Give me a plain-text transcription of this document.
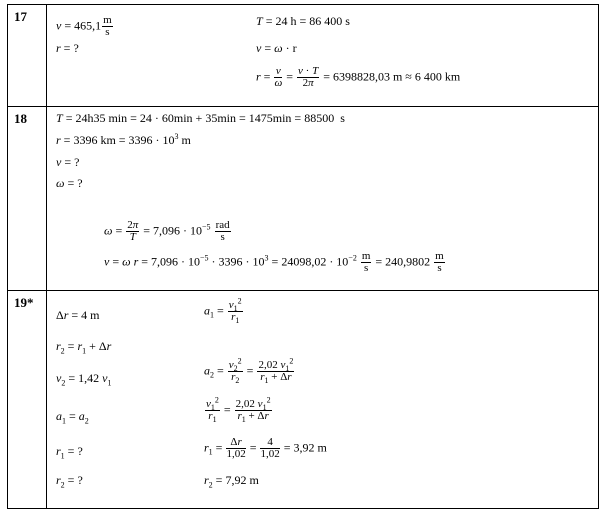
17
18
19*
$v = 465,1 \frac{m}{s}$
r = ?
T = 24 h = 86 400 s
v = ω · r
$r = \frac{v}{\omega} = \frac{v \cdot T}{2\pi} = 6398828,03$ m ≈ 6 400 km
T = 24h35 min = 24 · 60min + 35min = 1475min = 88500  s
r = 3396 km = $3396 \cdot 10^3$ m
v = ?
ω = ?
$\omega = \frac{2\pi}{T} = 7,096 \cdot 10^{-5} \frac{\text{rad}}{s}$
v = ω $r = 7,096 \cdot 10^{-5} \cdot 3396 \cdot 10^3 = 24098,02 \cdot 10^{-2} \frac{m}{s} = 240,9802 \frac{m}{s}$
Δr = 4 m
$r_2 = r_1 + \Delta r$
$v_2 = 1,42$ $v_1$
$a_1 = a_2$
$r_1$ = ?
$r_2$ = ?
$a_1 = \frac{v_1^2}{r_1}$
$a_2 = \frac{v_2^2}{r_2} = \frac{2,02 v_1^2}{r_1 + \Delta r}$
$\frac{v_1^2}{r_1} = \frac{2,02 v_1^2}{r_1 + \Delta r}$
$r_1 = \frac{\Delta r}{1,02} = \frac{4}{1,02} = 3,92$ m
$r_2 = 7,92$ m
